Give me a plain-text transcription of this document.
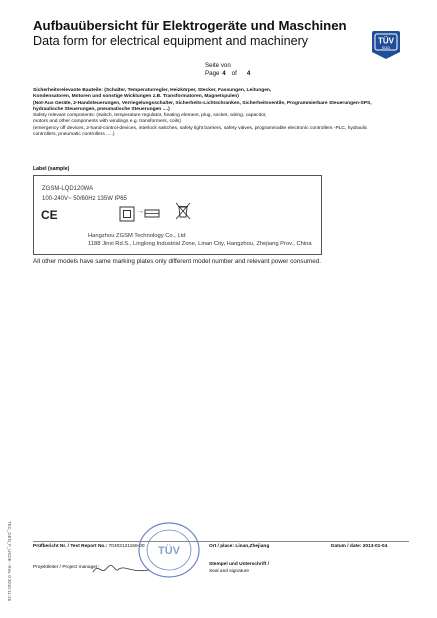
Aufbauübersicht für Elektrogeräte und Maschinen
Data form for electrical equipment and machinery	TÜV
SÜD
Seite von
Page 4 of 4
Sicherheitsrelevante Bauteile: (Schalter, Temperaturregler, Heizkörper, Stecker, Fassungen, Leitungen,
Kondensatoren, Motoren und sonstige Wicklungen z.B. Transformatoren, Magnetspulen)
(Not-Aus Geräte, 2-Handsteuerungen, Verriegelungsschalter, Sicherheits-Lichtschranken, Sicherheitsventile, Programmierbare Steuerungen-SPS,
hydraulische Steuerungen, pneumatische Steuerungen ....)
Safety relevant components: (switch, temperature regulator, heating element, plug, socket, wiring, capacitor,
motors and other components with windings e.g. transformers, coils)
(emergency off devices, 2-hand-control-devices, interlock switches, safety light barriers, safety valves, programmable electronic controllers -PLC, hydraulic
controllers, pneumatic controllers .....)
Label (sample)
ZGSM-LQD120WA
100-240V~ 50/60Hz 135W IP65
CE	→
Hangzhou ZGSM Technology Co., Ltd
1188 Jinxi Rd.S., Linglong Industrial Zone, Linan City, Hangzhou, Zhejiang Prov., China
All other models have same marking plates only different model number and relevant power consumed.
TEC_GEN_F_UKDE - Rev. 0 2010-11-26	TÜV
Prüfbericht Nr. / Test Report No.: 70402121158-00	Ort / place: Linan,Zhejiang	Datum / date: 2013-01-04
Projektleiter / Project manager:
Stempel und Unterschrift /
Seal and signature
